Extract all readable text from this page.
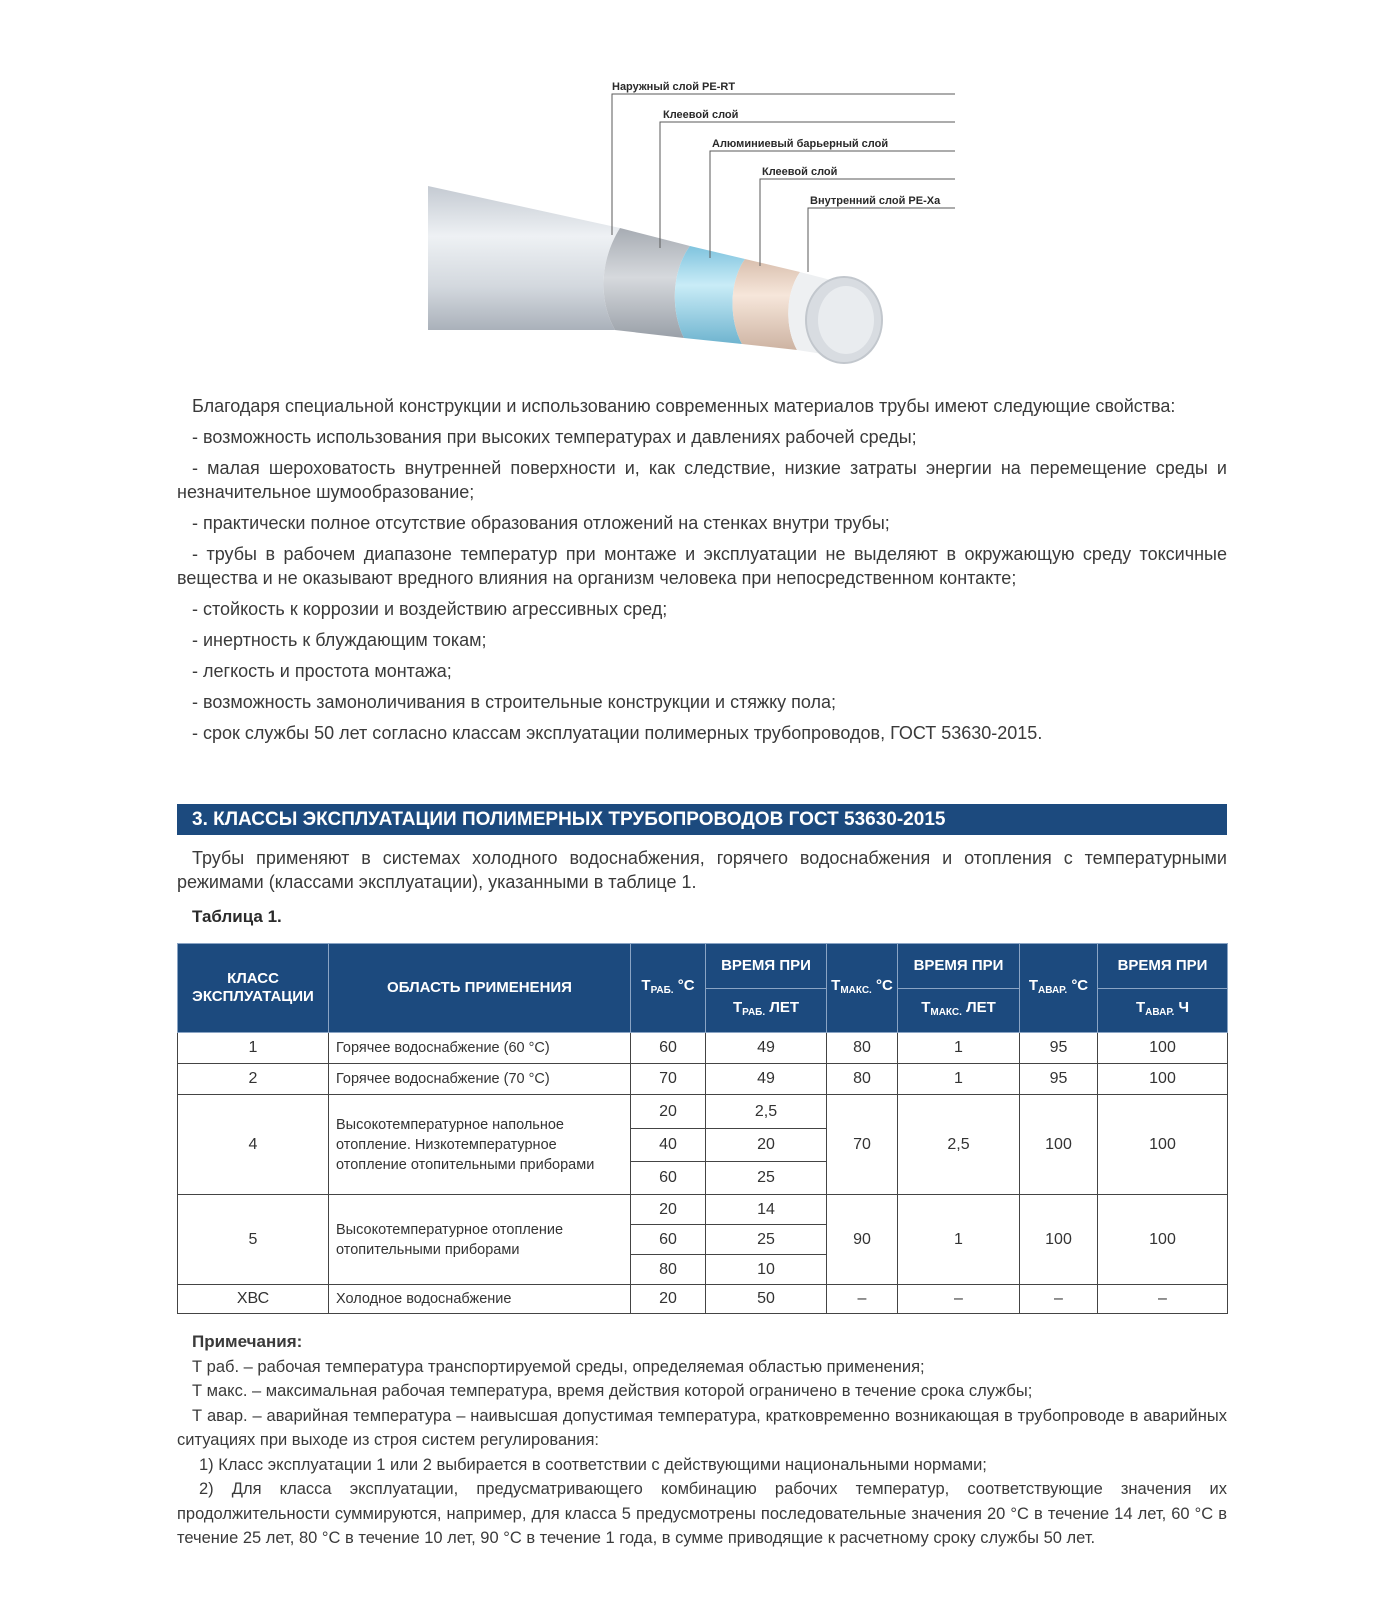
Наружный слой PE-RT
Клеевой слой
Алюминиевый барьерный слой
Клеевой слой
Внутренний слой PE-Xa

Благодаря специальной конструкции и использованию современных материалов трубы имеют следующие свойства:

- возможность использования при высоких температурах и давлениях рабочей среды;

- малая шероховатость внутренней поверхности и, как следствие, низкие затраты энергии на перемещение среды и незначительное шумообразование;

- практически полное отсутствие образования отложений на стенках внутри трубы;

- трубы в рабочем диапазоне температур при монтаже и эксплуатации не выделяют в окружающую среду токсичные вещества и не оказывают вредного влияния на организм человека при непосредственном контакте;

- стойкость к коррозии и воздействию агрессивных сред;

- инертность к блуждающим токам;

- легкость и простота монтажа;

- возможность замоноличивания в строительные конструкции и стяжку пола;

- срок службы 50 лет согласно классам эксплуатации полимерных трубопроводов, ГОСТ 53630-2015.

3. КЛАССЫ ЭКСПЛУАТАЦИИ ПОЛИМЕРНЫХ ТРУБОПРОВОДОВ ГОСТ 53630-2015

Трубы применяют в системах холодного водоснабжения, горячего водоснабжения и отопления с температурными режимами (классами эксплуатации), указанными в таблице 1.

Таблица 1.
КЛАСС ЭКСПЛУАТАЦИИ	ОБЛАСТЬ ПРИМЕНЕНИЯ	$Т_{РАБ.}$ °С	ВРЕМЯ ПРИ	$Т_{МАКС.}$ °С	ВРЕМЯ ПРИ	$Т_{АВАР.}$ °С	ВРЕМЯ ПРИ
			$Т_{РАБ.}$ ЛЕТ		$Т_{МАКС.}$ ЛЕТ		$Т_{АВАР.}$ Ч
1	Горячее водоснабжение (60 °С)	60	49	80	1	95	100
2	Горячее водоснабжение (70 °С)	70	49	80	1	95	100
4	Высокотемпературное напольное отопление. Низкотемпературное отопление отопительными приборами	20	2,5	70	2,5	100	100
		40	20				
		60	25				
5	Высокотемпературное отопление отопительными приборами	20	14	90	1	100	100
		60	25				
		80	10				
ХВС	Холодное водоснабжение	20	50	–	–	–	–
Примечания:

Т раб. – рабочая температура транспортируемой среды, определяемая областью применения;

Т макс. – максимальная рабочая температура, время действия которой ограничено в течение срока службы;

Т авар. – аварийная температура – наивысшая допустимая температура, кратковременно возникающая в трубопроводе в аварийных ситуациях при выходе из строя систем регулирования:

1) Класс эксплуатации 1 или 2 выбирается в соответствии с действующими национальными нормами;

2) Для класса эксплуатации, предусматривающего комбинацию рабочих температур, соответствующие значения их продолжительности суммируются, например, для класса 5 предусмотрены последовательные значения 20 °С в течение 14 лет, 60 °С в течение 25 лет, 80 °С в течение 10 лет, 90 °С в течение 1 года, в сумме приводящие к расчетному сроку службы 50 лет.
